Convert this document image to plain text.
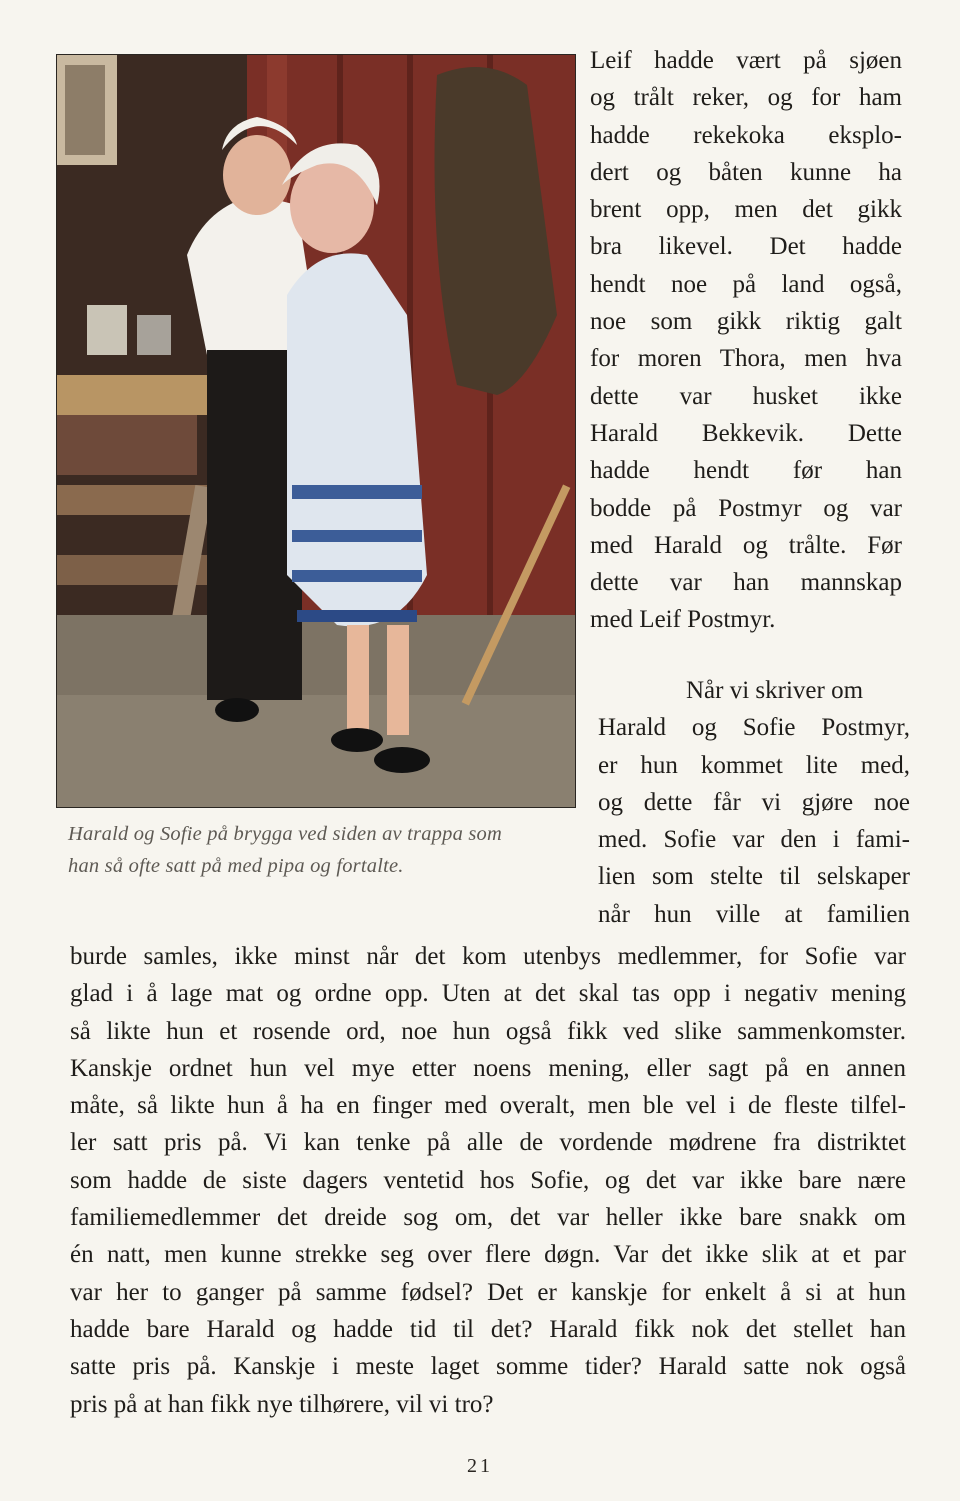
Harald og Sofie på brygga ved siden av trappa som
han så ofte satt på med pipa og fortalte.
Leif hadde vært på sjøen
og trålt reker, og for ham
hadde rekekoka eksplo-
dert og båten kunne ha
brent opp, men det gikk
bra likevel. Det hadde
hendt noe på land også,
noe som gikk riktig galt
for moren Thora, men hva
dette var husket ikke
Harald Bekkevik. Dette
hadde hendt før han
bodde på Postmyr og var
med Harald og trålte. Før
dette var han mannskap
med Leif Postmyr.
Når vi skriver om
Harald og Sofie Postmyr,
er hun kommet lite med,
og dette får vi gjøre noe
med. Sofie var den i fami-
lien som stelte til selskaper
når hun ville at familien
burde samles, ikke minst når det kom utenbys medlemmer, for Sofie var
glad i å lage mat og ordne opp. Uten at det skal tas opp i negativ mening
så likte hun et rosende ord, noe hun også fikk ved slike sammenkomster.
Kanskje ordnet hun vel mye etter noens mening, eller sagt på en annen
måte, så likte hun å ha en finger med overalt, men ble vel i de fleste tilfel-
ler satt pris på. Vi kan tenke på alle de vordende mødrene fra distriktet
som hadde de siste dagers ventetid hos Sofie, og det var ikke bare nære
familiemedlemmer det dreide sog om, det var heller ikke bare snakk om
én natt, men kunne strekke seg over flere døgn. Var det ikke slik at et par
var her to ganger på samme fødsel? Det er kanskje for enkelt å si at hun
hadde bare Harald og hadde tid til det? Harald fikk nok det stellet han
satte pris på. Kanskje i meste laget somme tider? Harald satte nok også
pris på at han fikk nye tilhørere, vil vi tro?
21
